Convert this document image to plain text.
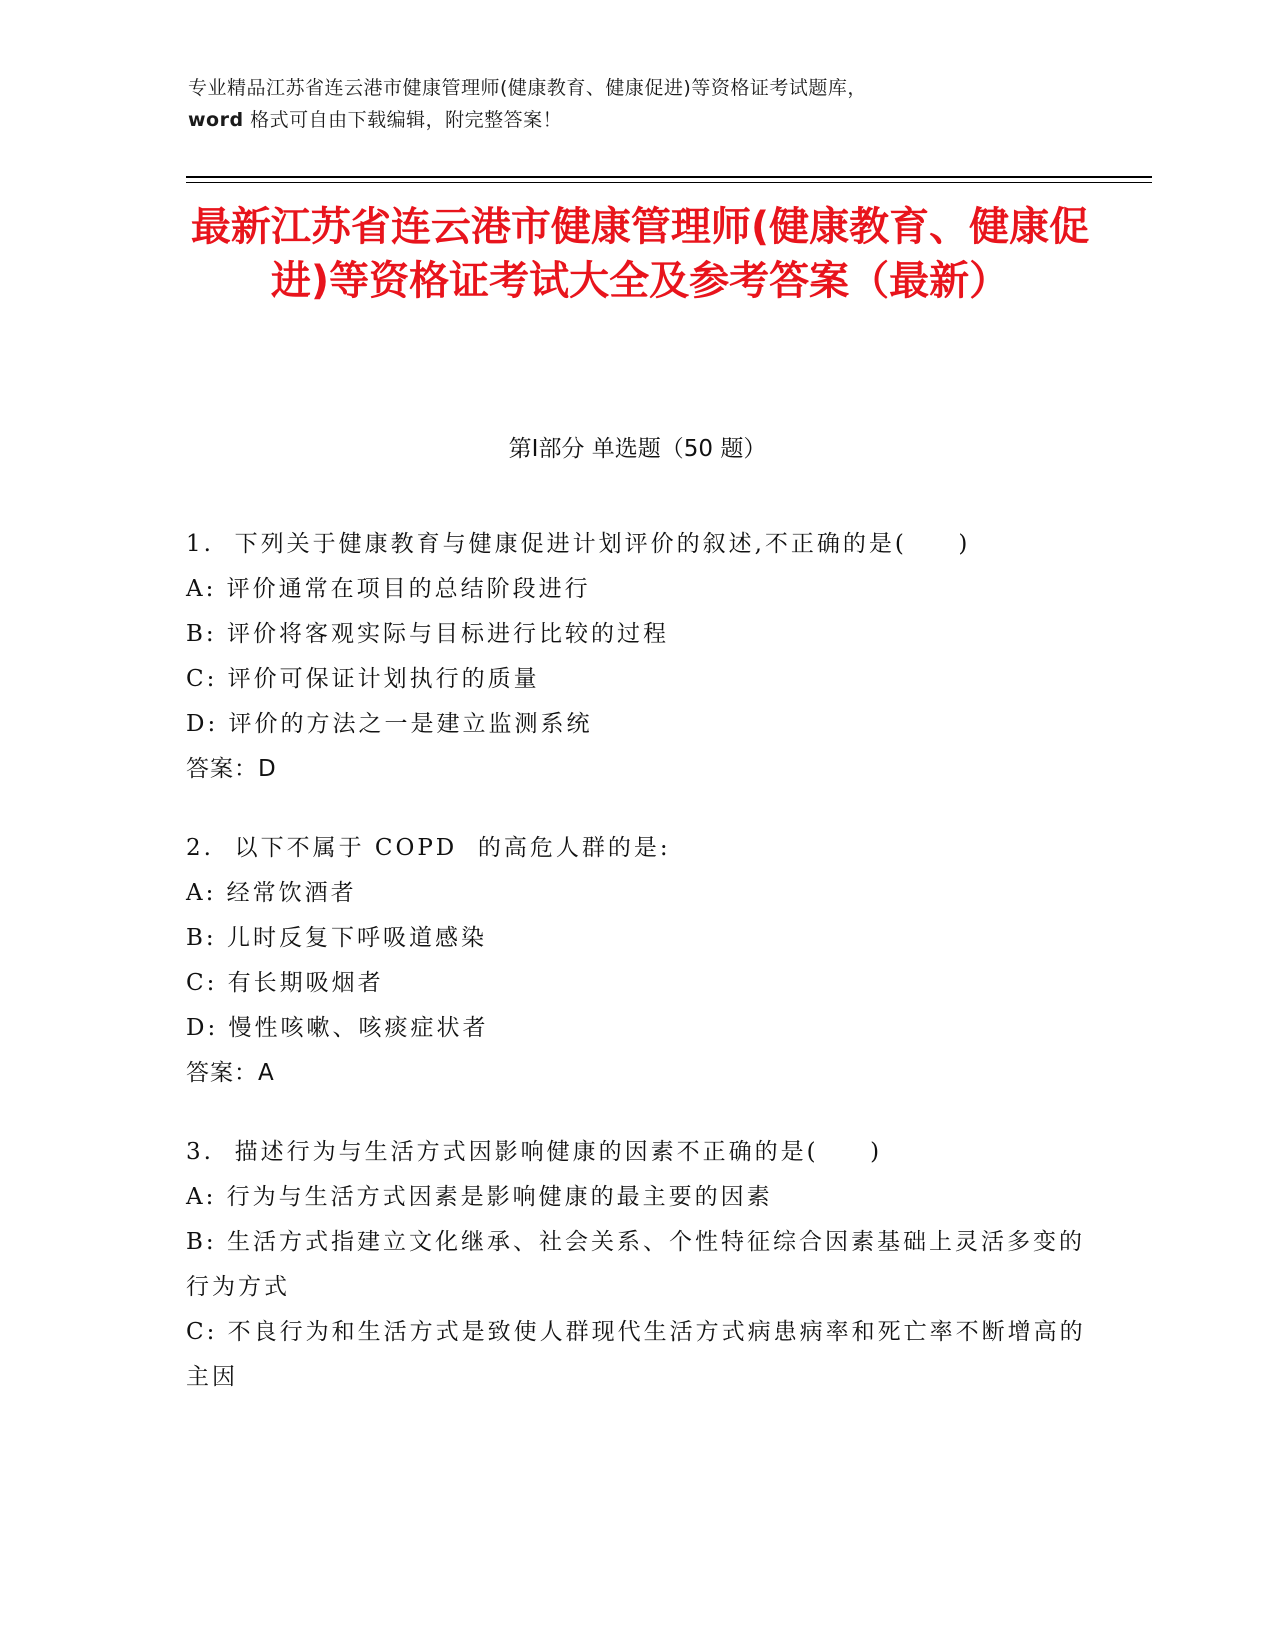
专业精品江苏省连云港市健康管理师(健康教育、健康促进)等资格证考试题库，
word 格式可自由下载编辑，附完整答案！
最新江苏省连云港市健康管理师(健康教育、健康促进)等资格证考试大全及参考答案（最新）
第Ⅰ部分 单选题（50 题）
1.  下列关于健康教育与健康促进计划评价的叙述,不正确的是(     )
A: 评价通常在项目的总结阶段进行
B: 评价将客观实际与目标进行比较的过程
C: 评价可保证计划执行的质量
D: 评价的方法之一是建立监测系统
答案：D
2.  以下不属于 COPD  的高危人群的是:
A: 经常饮酒者
B: 儿时反复下呼吸道感染
C: 有长期吸烟者
D: 慢性咳嗽、咳痰症状者
答案：A
3.  描述行为与生活方式因影响健康的因素不正确的是(     )
A: 行为与生活方式因素是影响健康的最主要的因素
B: 生活方式指建立文化继承、社会关系、个性特征综合因素基础上灵活多变的行为方式
C: 不良行为和生活方式是致使人群现代生活方式病患病率和死亡率不断增高的主因
